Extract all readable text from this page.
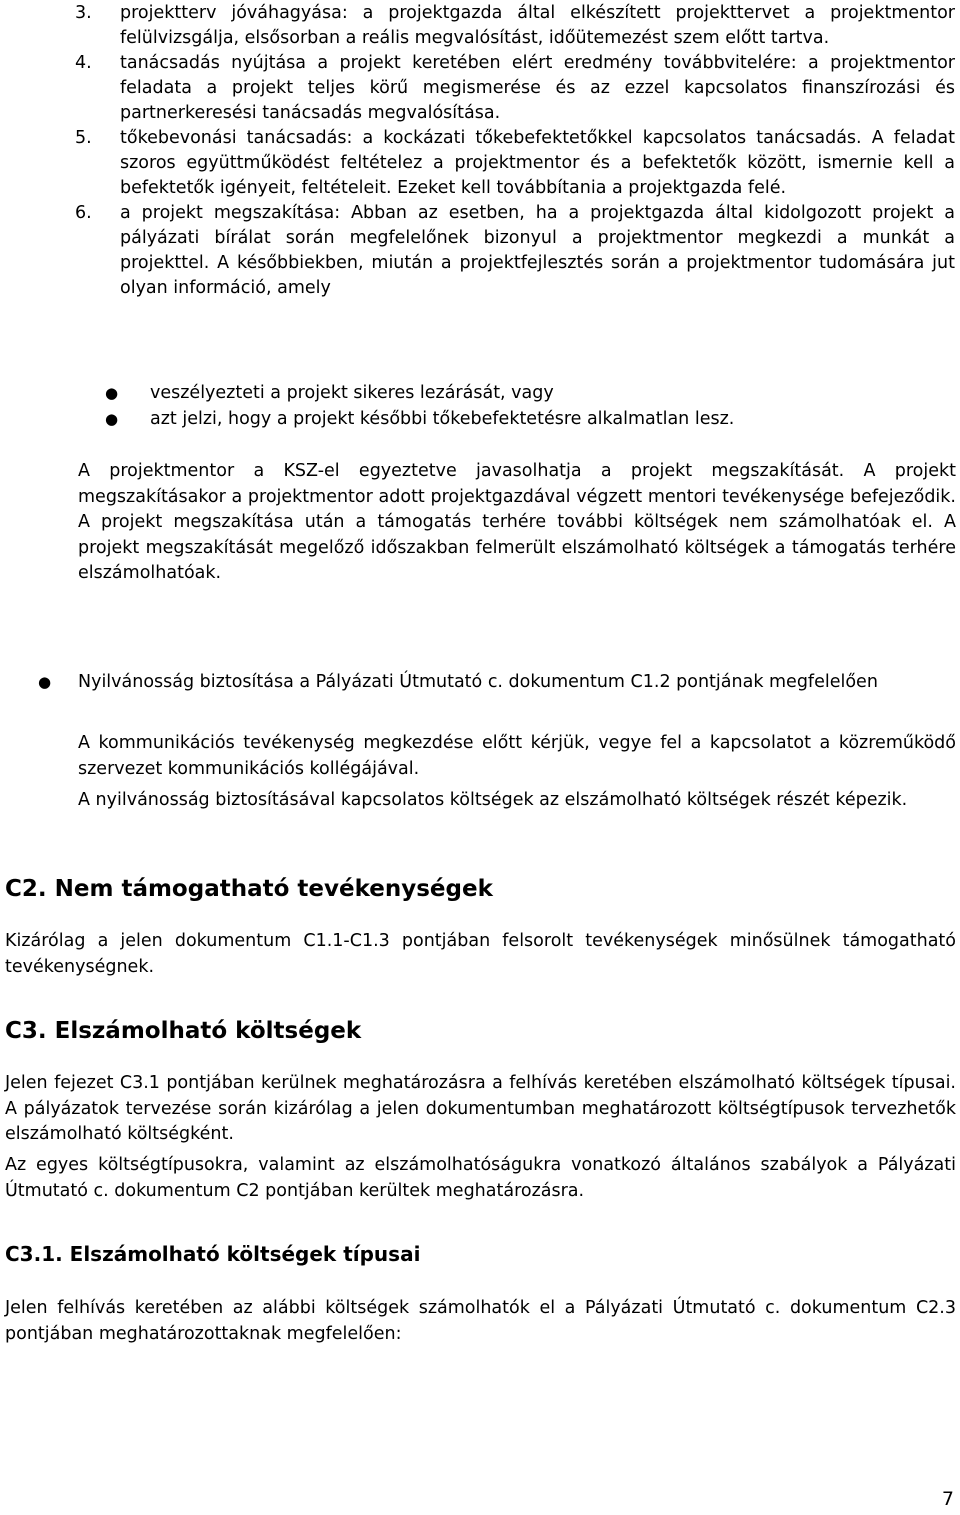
3.	projektterv jóváhagyása: a projektgazda által elkészített projekttervet a projektmentor felülvizsgálja, elsősorban a reális megvalósítást, időütemezést szem előtt tartva.
4.	tanácsadás nyújtása a projekt keretében elért eredmény továbbvitelére: a projektmentor feladata a projekt teljes körű megismerése és az ezzel kapcsolatos finanszírozási és partnerkeresési tanácsadás megvalósítása.
5.	tőkebevonási tanácsadás: a kockázati tőkebefektetőkkel kapcsolatos tanácsadás. A feladat szoros együttműködést feltételez a projektmentor és a befektetők között, ismernie kell a befektetők igényeit, feltételeit. Ezeket kell továbbítania a projektgazda felé.
6.	a projekt megszakítása: Abban az esetben, ha a projektgazda által kidolgozott projekt a pályázati bírálat során megfelelőnek bizonyul a projektmentor megkezdi a munkát a projekttel. A későbbiekben, miután a projektfejlesztés során a projektmentor tudomására jut olyan információ, amely
●	veszélyezteti a projekt sikeres lezárását, vagy
●	azt jelzi, hogy a projekt későbbi tőkebefektetésre alkalmatlan lesz.

A projektmentor a KSZ-el egyeztetve javasolhatja a projekt megszakítását. A projekt megszakításakor a projektmentor adott projektgazdával végzett mentori tevékenysége befejeződik. A projekt megszakítása után a támogatás terhére további költségek nem számolhatóak el. A projekt megszakítását megelőző időszakban felmerült elszámolható költségek a támogatás terhére elszámolhatóak.

●	Nyilvánosság biztosítása a Pályázati Útmutató c. dokumentum C1.2 pontjának megfelelően

A kommunikációs tevékenység megkezdése előtt kérjük, vegye fel a kapcsolatot a közreműködő szervezet kommunikációs kollégájával.

A nyilvánosság biztosításával kapcsolatos költségek az elszámolható költségek részét képezik.

C2. Nem támogatható tevékenységek

Kizárólag a jelen dokumentum C1.1-C1.3 pontjában felsorolt tevékenységek minősülnek támogatható tevékenységnek.

C3. Elszámolható költségek

Jelen fejezet C3.1 pontjában kerülnek meghatározásra a felhívás keretében elszámolható költségek típusai. A pályázatok tervezése során kizárólag a jelen dokumentumban meghatározott költségtípusok tervezhetők elszámolható költségként.

Az egyes költségtípusokra, valamint az elszámolhatóságukra vonatkozó általános szabályok a Pályázati Útmutató c. dokumentum C2 pontjában kerültek meghatározásra.

C3.1. Elszámolható költségek típusai

Jelen felhívás keretében az alábbi költségek számolhatók el a Pályázati Útmutató c. dokumentum C2.3 pontjában meghatározottaknak megfelelően:

7
